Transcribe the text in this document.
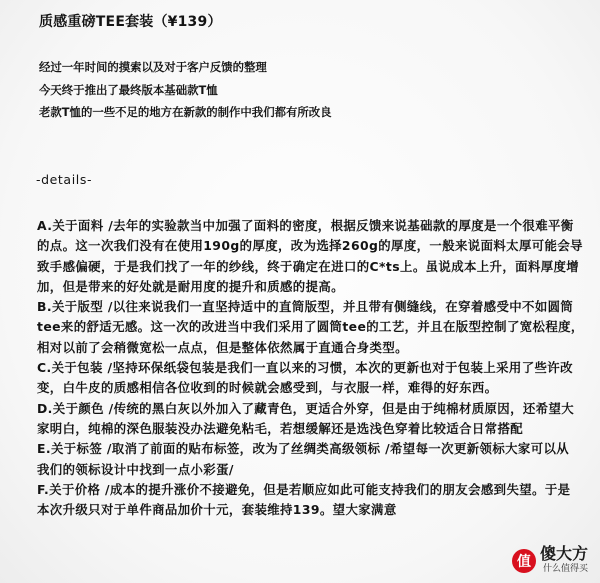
质感重磅TEE套装（¥139）
经过一年时间的摸索以及对于客户反馈的整理
今天终于推出了最终版本基础款T恤
老款T恤的一些不足的地方在新款的制作中我们都有所改良
-details-
A.关于面料 /去年的实验款当中加强了面料的密度，根据反馈来说基础款的厚度是一个很难平衡
的点。这一次我们没有在使用190g的厚度，改为选择260g的厚度，一般来说面料太厚可能会导
致手感偏硬，于是我们找了一年的纱线，终于确定在进口的C*ts上。虽说成本上升，面料厚度增
加，但是带来的好处就是耐用度的提升和质感的提高。
B.关于版型 /以往来说我们一直坚持适中的直筒版型，并且带有侧缝线，在穿着感受中不如圆筒
tee来的舒适无感。这一次的改进当中我们采用了圆筒tee的工艺，并且在版型控制了宽松程度，
相对以前了会稍微宽松一点点，但是整体依然属于直通合身类型。
C.关于包装 /坚持环保纸袋包装是我们一直以来的习惯，本次的更新也对于包装上采用了些许改
变，白牛皮的质感相信各位收到的时候就会感受到，与衣服一样，难得的好东西。
D.关于颜色 /传统的黑白灰以外加入了藏青色，更适合外穿，但是由于纯棉材质原因，还希望大
家明白，纯棉的深色服装没办法避免粘毛，若想缓解还是选浅色穿着比较适合日常搭配
E.关于标签 /取消了前面的贴布标签，改为了丝绸类高级领标 /希望每一次更新领标大家可以从
我们的领标设计中找到一点小彩蛋/
F.关于价格 /成本的提升涨价不接避免，但是若顺应如此可能支持我们的朋友会感到失望。于是
本次升级只对于单件商品加价十元，套装维持139。望大家满意
值 傻大方
什么值得买
